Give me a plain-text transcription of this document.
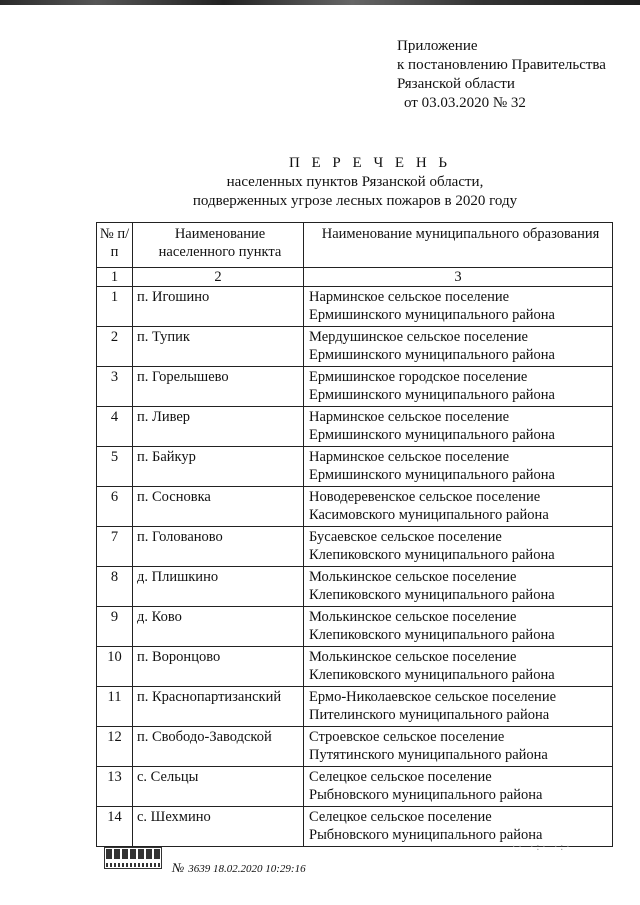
Приложение
к постановлению Правительства
Рязанской области
от 03.03.2020 № 32
П Е Р Е Ч Е Н Ь
населенных пунктов Рязанской области,
подверженных угрозе лесных пожаров в 2020 году
№ п/п	Наименование населенного пункта	Наименование муниципального образования
1	2	3
1	п. Игошино	Нарминское сельское поселение
Ермишинского муниципального района

2	п. Тупик	Мердушинское сельское поселение
Ермишинского муниципального района

3	п. Горелышево	Ермишинское городское поселение
Ермишинского муниципального района

4	п. Ливер	Нарминское сельское поселение
Ермишинского муниципального района

5	п. Байкур	Нарминское сельское поселение
Ермишинского муниципального района

6	п. Сосновка	Новодеревенское сельское поселение
Касимовского муниципального района

7	п. Голованово	Бусаевское сельское поселение
Клепиковского муниципального района

8	д. Плишкино	Молькинское сельское поселение
Клепиковского муниципального района

9	д. Ково	Молькинское сельское поселение
Клепиковского муниципального района

10	п. Воронцово	Молькинское сельское поселение
Клепиковского муниципального района

11	п. Краснопартизанский	Ермо-Николаевское сельское поселение
Пителинского муниципального района

12	п. Свободо-Заводской	Строевское сельское поселение
Путятинского муниципального района

13	с. Сельцы	Селецкое сельское поселение
Рыбновского муниципального района

14	с. Шехмино	Селецкое сельское поселение
Рыбновского муниципального района
№ 3639 18.02.2020 10:29:16
·· ·:· ·:·
